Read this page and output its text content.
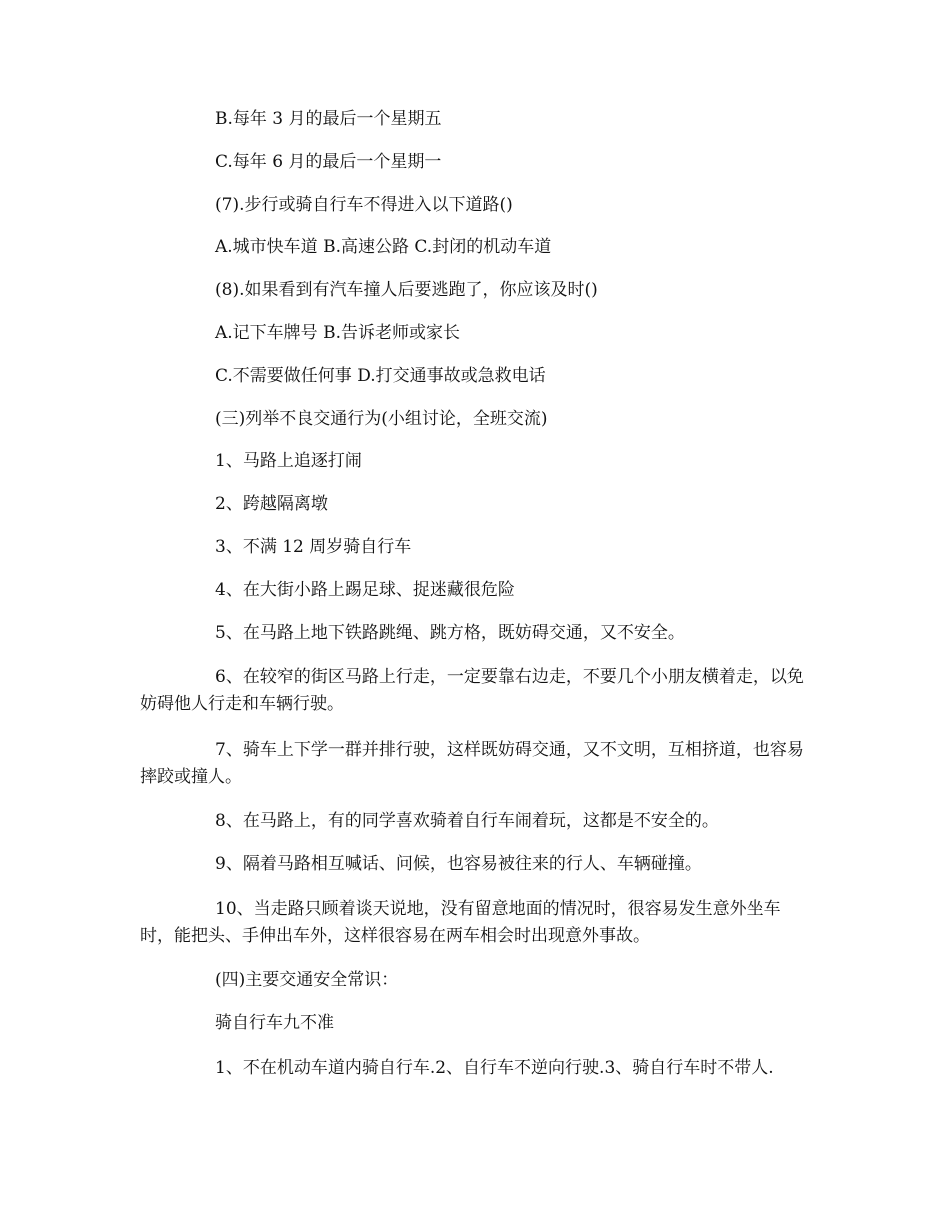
B.每年 3 月的最后一个星期五

C.每年 6 月的最后一个星期一

(7).步行或骑自行车不得进入以下道路()

A.城市快车道 B.高速公路 C.封闭的机动车道

(8).如果看到有汽车撞人后要逃跑了，你应该及时()

A.记下车牌号 B.告诉老师或家长

C.不需要做任何事 D.打交通事故或急救电话

(三)列举不良交通行为(小组讨论，全班交流)

1、马路上追逐打闹

2、跨越隔离墩

3、不满 12 周岁骑自行车

4、在大街小路上踢足球、捉迷藏很危险

5、在马路上地下铁路跳绳、跳方格，既妨碍交通，又不安全。

6、在较窄的街区马路上行走，一定要靠右边走，不要几个小朋友横着走，以免妨碍他人行走和车辆行驶。

7、骑车上下学一群并排行驶，这样既妨碍交通，又不文明，互相挤道，也容易摔跤或撞人。

8、在马路上，有的同学喜欢骑着自行车闹着玩，这都是不安全的。

9、隔着马路相互喊话、问候，也容易被往来的行人、车辆碰撞。

10、当走路只顾着谈天说地，没有留意地面的情况时，很容易发生意外坐车时，能把头、手伸出车外，这样很容易在两车相会时出现意外事故。

(四)主要交通安全常识：

骑自行车九不准

1、不在机动车道内骑自行车.2、自行车不逆向行驶.3、骑自行车时不带人.
